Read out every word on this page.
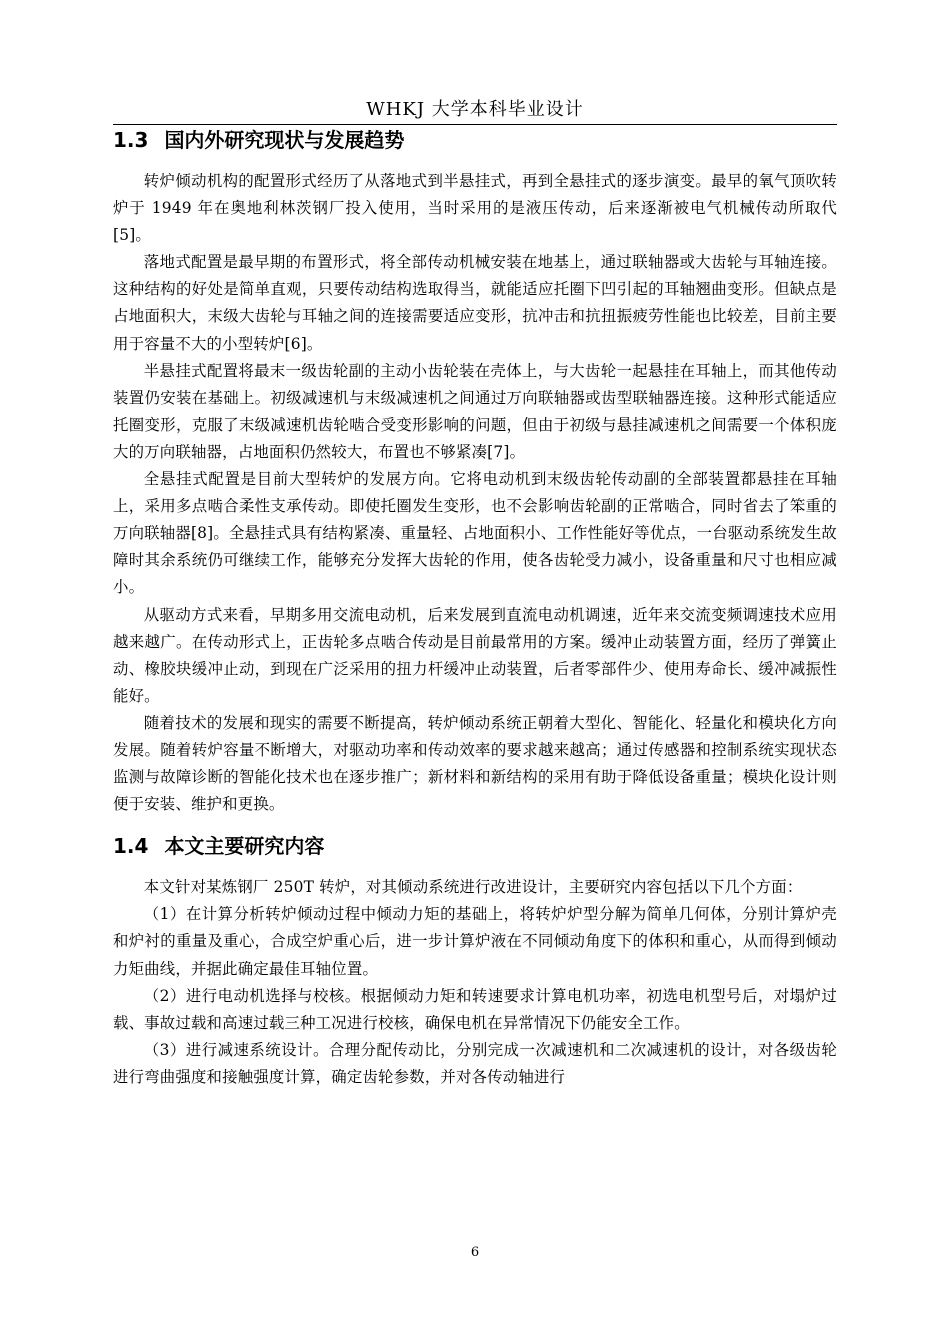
WHKJ 大学本科毕业设计
1.3 国内外研究现状与发展趋势

转炉倾动机构的配置形式经历了从落地式到半悬挂式，再到全悬挂式的逐步演变。最早的氧气顶吹转炉于 1949 年在奥地利林茨钢厂投入使用，当时采用的是液压传动，后来逐渐被电气机械传动所取代[5]。

落地式配置是最早期的布置形式，将全部传动机械安装在地基上，通过联轴器或大齿轮与耳轴连接。这种结构的好处是简单直观，只要传动结构选取得当，就能适应托圈下凹引起的耳轴翘曲变形。但缺点是占地面积大，末级大齿轮与耳轴之间的连接需要适应变形，抗冲击和抗扭振疲劳性能也比较差，目前主要用于容量不大的小型转炉[6]。

半悬挂式配置将最末一级齿轮副的主动小齿轮装在壳体上，与大齿轮一起悬挂在耳轴上，而其他传动装置仍安装在基础上。初级减速机与末级减速机之间通过万向联轴器或齿型联轴器连接。这种形式能适应托圈变形，克服了末级减速机齿轮啮合受变形影响的问题，但由于初级与悬挂减速机之间需要一个体积庞大的万向联轴器，占地面积仍然较大，布置也不够紧凑[7]。

全悬挂式配置是目前大型转炉的发展方向。它将电动机到末级齿轮传动副的全部装置都悬挂在耳轴上，采用多点啮合柔性支承传动。即使托圈发生变形，也不会影响齿轮副的正常啮合，同时省去了笨重的万向联轴器[8]。全悬挂式具有结构紧凑、重量轻、占地面积小、工作性能好等优点，一台驱动系统发生故障时其余系统仍可继续工作，能够充分发挥大齿轮的作用，使各齿轮受力减小，设备重量和尺寸也相应减小。

从驱动方式来看，早期多用交流电动机，后来发展到直流电动机调速，近年来交流变频调速技术应用越来越广。在传动形式上，正齿轮多点啮合传动是目前最常用的方案。缓冲止动装置方面，经历了弹簧止动、橡胶块缓冲止动，到现在广泛采用的扭力杆缓冲止动装置，后者零部件少、使用寿命长、缓冲减振性能好。

随着技术的发展和现实的需要不断提高，转炉倾动系统正朝着大型化、智能化、轻量化和模块化方向发展。随着转炉容量不断增大，对驱动功率和传动效率的要求越来越高；通过传感器和控制系统实现状态监测与故障诊断的智能化技术也在逐步推广；新材料和新结构的采用有助于降低设备重量；模块化设计则便于安装、维护和更换。

1.4 本文主要研究内容

本文针对某炼钢厂 250T 转炉，对其倾动系统进行改进设计，主要研究内容包括以下几个方面：

（1）在计算分析转炉倾动过程中倾动力矩的基础上，将转炉炉型分解为简单几何体，分别计算炉壳和炉衬的重量及重心，合成空炉重心后，进一步计算炉液在不同倾动角度下的体积和重心，从而得到倾动力矩曲线，并据此确定最佳耳轴位置。

（2）进行电动机选择与校核。根据倾动力矩和转速要求计算电机功率，初选电机型号后，对塌炉过载、事故过载和高速过载三种工况进行校核，确保电机在异常情况下仍能安全工作。

（3）进行减速系统设计。合理分配传动比，分别完成一次减速机和二次减速机的设计，对各级齿轮进行弯曲强度和接触强度计算，确定齿轮参数，并对各传动轴进行

6
